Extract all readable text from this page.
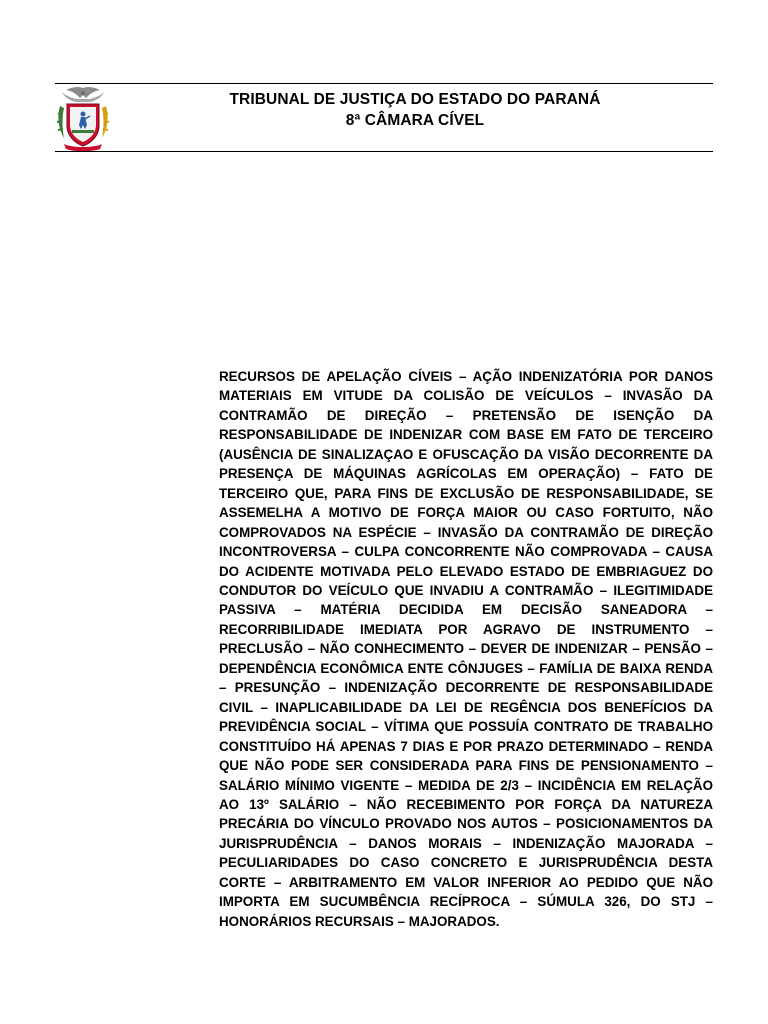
TRIBUNAL DE JUSTIÇA DO ESTADO DO PARANÁ
8ª CÂMARA CÍVEL
RECURSOS DE APELAÇÃO CÍVEIS – AÇÃO INDENIZATÓRIA POR DANOS MATERIAIS EM VITUDE DA COLISÃO DE VEÍCULOS – INVASÃO DA CONTRAMÃO DE DIREÇÃO – PRETENSÃO DE ISENÇÃO DA RESPONSABILIDADE DE INDENIZAR COM BASE EM FATO DE TERCEIRO (AUSÊNCIA DE SINALIZAÇAO E OFUSCAÇÃO DA VISÃO DECORRENTE DA PRESENÇA DE MÁQUINAS AGRÍCOLAS EM OPERAÇÃO) – FATO DE TERCEIRO QUE, PARA FINS DE EXCLUSÃO DE RESPONSABILIDADE, SE ASSEMELHA A MOTIVO DE FORÇA MAIOR OU CASO FORTUITO, NÃO COMPROVADOS NA ESPÉCIE – INVASÃO DA CONTRAMÃO DE DIREÇÃO INCONTROVERSA – CULPA CONCORRENTE NÃO COMPROVADA – CAUSA DO ACIDENTE MOTIVADA PELO ELEVADO ESTADO DE EMBRIAGUEZ DO CONDUTOR DO VEÍCULO QUE INVADIU A CONTRAMÃO – ILEGITIMIDADE PASSIVA – MATÉRIA DECIDIDA EM DECISÃO SANEADORA – RECORRIBILIDADE IMEDIATA POR AGRAVO DE INSTRUMENTO – PRECLUSÃO – NÃO CONHECIMENTO – DEVER DE INDENIZAR – PENSÃO – DEPENDÊNCIA ECONÔMICA ENTE CÔNJUGES – FAMÍLIA DE BAIXA RENDA – PRESUNÇÃO – INDENIZAÇÃO DECORRENTE DE RESPONSABILIDADE CIVIL – INAPLICABILIDADE DA LEI DE REGÊNCIA DOS BENEFÍCIOS DA PREVIDÊNCIA SOCIAL – VÍTIMA QUE POSSUÍA CONTRATO DE TRABALHO CONSTITUÍDO HÁ APENAS 7 DIAS E POR PRAZO DETERMINADO – RENDA QUE NÃO PODE SER CONSIDERADA PARA FINS DE PENSIONAMENTO –SALÁRIO MÍNIMO VIGENTE – MEDIDA DE 2/3 – INCIDÊNCIA EM RELAÇÃO AO 13º SALÁRIO – NÃO RECEBIMENTO POR FORÇA DA NATUREZA PRECÁRIA DO VÍNCULO PROVADO NOS AUTOS – POSICIONAMENTOS DA JURISPRUDÊNCIA – DANOS MORAIS – INDENIZAÇÃO MAJORADA – PECULIARIDADES DO CASO CONCRETO E JURISPRUDÊNCIA DESTA CORTE – ARBITRAMENTO EM VALOR INFERIOR AO PEDIDO QUE NÃO IMPORTA EM SUCUMBÊNCIA RECÍPROCA – SÚMULA 326, DO STJ – HONORÁRIOS RECURSAIS – MAJORADOS.
